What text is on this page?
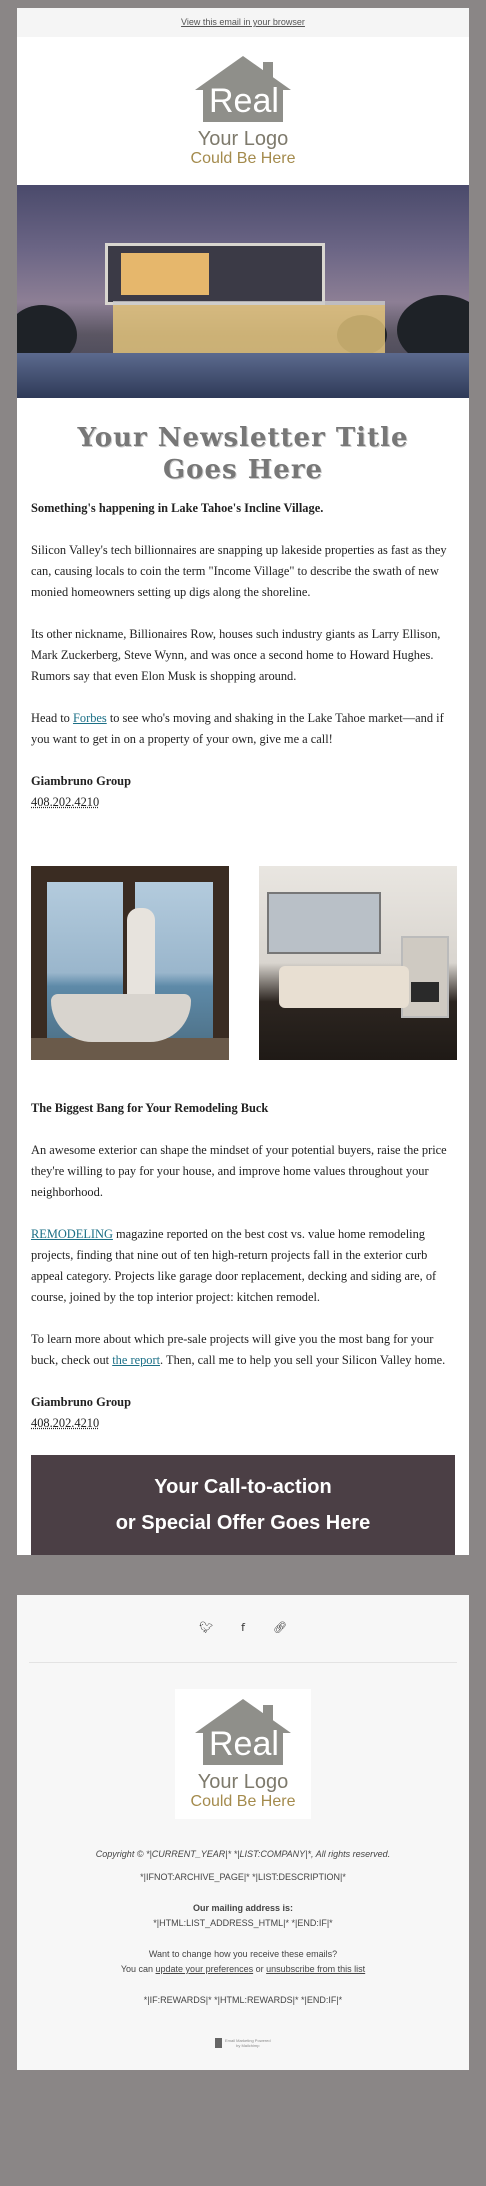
View this email in your browser
Real
Your Logo
Could Be Here
Your Newsletter Title
Goes Here

Something's happening in Lake Tahoe's Incline Village.

Silicon Valley's tech billionnaires are snapping up lakeside properties as fast as they can, causing locals to coin the term "Income Village" to describe the swath of new monied homeowners setting up digs along the shoreline.

Its other nickname, Billionaires Row, houses such industry giants as Larry Ellison, Mark Zuckerberg, Steve Wynn, and was once a second home to Howard Hughes. Rumors say that even Elon Musk is shopping around.

Head to Forbes to see who's moving and shaking in the Lake Tahoe market—and if you want to get in on a property of your own, give me a call!

Giambruno Group

408.202.4210

The Biggest Bang for Your Remodeling Buck

An awesome exterior can shape the mindset of your potential buyers, raise the price they're willing to pay for your house, and improve home values throughout your neighborhood.

REMODELING magazine reported on the best cost vs. value home remodeling projects, finding that nine out of ten high-return projects fall in the exterior curb appeal category. Projects like garage door replacement, decking and siding are, of course, joined by the top interior project: kitchen remodel.

To learn more about which pre-sale projects will give you the most bang for your buck, check out the report. Then, call me to help you sell your Silicon Valley home.

Giambruno Group

408.202.4210

Your Call-to-action
or Special Offer Goes Here
🐦︎	f	🔗︎
Real
Your Logo
Could Be Here

Copyright © *|CURRENT_YEAR|* *|LIST:COMPANY|*, All rights reserved.

*|IFNOT:ARCHIVE_PAGE|* *|LIST:DESCRIPTION|*

Our mailing address is:

*|HTML:LIST_ADDRESS_HTML|* *|END:IF|*

Want to change how you receive these emails?

You can update your preferences or unsubscribe from this list

*|IF:REWARDS|* *|HTML:REWARDS|* *|END:IF|*

Email Marketing Powered by Mailchimp
